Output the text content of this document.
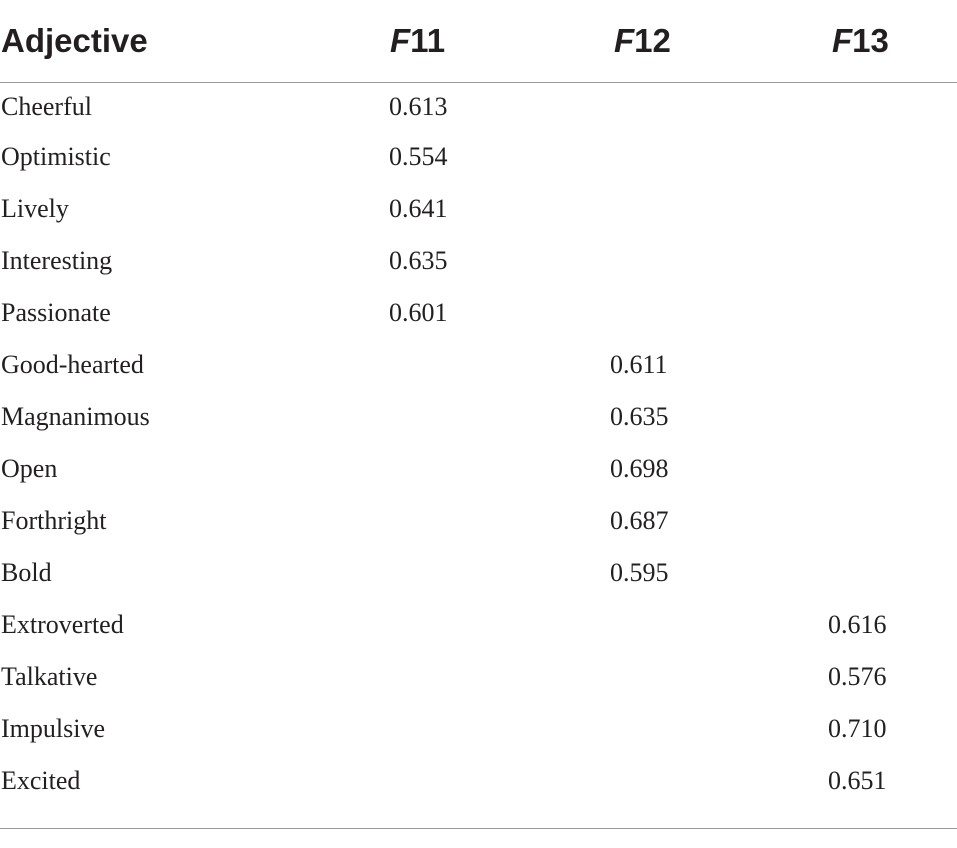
Adjective	F11	F12	F13
Cheerful	0.613		
Optimistic	0.554		
Lively	0.641		
Interesting	0.635		
Passionate	0.601		
Good-hearted		0.611	
Magnanimous		0.635	
Open		0.698	
Forthright		0.687	
Bold		0.595	
Extroverted			0.616
Talkative			0.576
Impulsive			0.710
Excited			0.651
